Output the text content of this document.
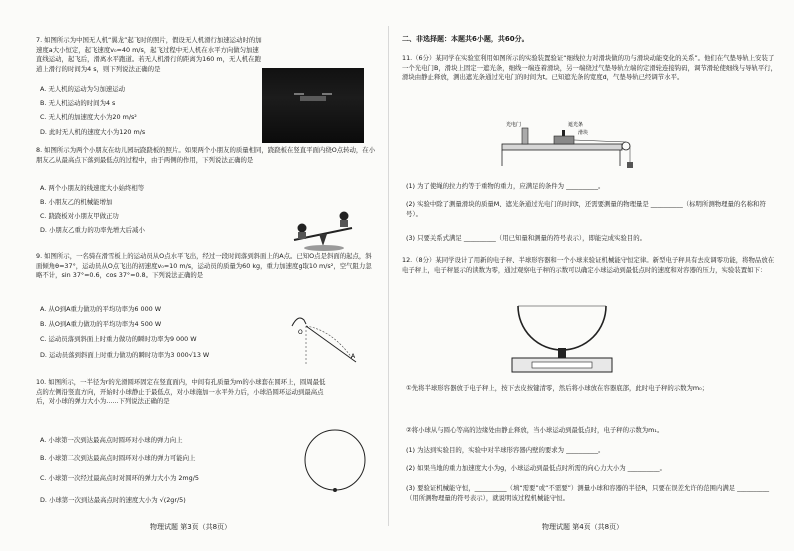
7. 如图所示为中国无人机“翼龙”起飞时的照片，假设无人机滑行加速运动时的加速度a大小恒定，起飞速度v₀=40 m/s，起飞过程中无人机在水平方向做匀加速直线运动，起飞后，滑离水平跑道。若无人机滑行的距离为160 m，无人机在跑道上滑行的时间为4 s，则下列说法正确的是

A. 无人机的运动为匀加速运动
B. 无人机运动的时间为4 s
C. 无人机的加速度大小为20 m/s²
D. 此时无人机的速度大小为120 m/s

8. 如图所示为两个小朋友在幼儿园玩跷跷板的照片。如果两个小朋友的质量相同，跷跷板在竖直平面内绕O点转动，在小朋友乙从最高点下落到最低点的过程中，由于两侧的作用，下列说法正确的是

A. 两个小朋友的线速度大小始终相等
B. 小朋友乙的机械能增加
C. 跷跷板对小朋友甲做正功
D. 小朋友乙重力的功率先增大后减小

9. 如图所示，一名骑在滑雪板上的运动员从O点水平飞出，经过一段时间落到斜面上的A点。已知O点是斜面的起点，斜面倾角θ=37°，运动员从O点飞出的初速度v₀=10 m/s，运动员的质量为60 kg，重力加速度g取10 m/s²，空气阻力忽略不计，sin 37°=0.6，cos 37°=0.8。下列说法正确的是

A. 从O到A重力做功的平均功率为6 000 W
B. 从O到A重力做功的平均功率为4 500 W
C. 运动员落到斜面上时重力做功的瞬时功率为9 000 W
D. 运动员落到斜面上时重力做功的瞬时功率为3 000√13 W
O
A

10. 如图所示，一半径为r的光滑圆环固定在竖直面内，中间有孔质量为m的小球套在圆环上，圆周最低点的左侧沿竖直方向，开始时小球静止于最低点，对小球施加一水平外力后，小球沿圆环运动到最高点后，对小球的弹力大小为......下列说法正确的是

A. 小球第一次到达最高点时圆环对小球的弹力向上
B. 小球第二次到达最高点时圆环对小球的弹力可能向上
C. 小球第一次经过最高点时对圆环的弹力大小为 2mg/5
D. 小球第一次到达最高点时的速度大小为 √(2gr/5)
物理试题 第3页（共8页）
二、非选择题：本题共6小题，共60分。

11.（6分）某同学在实验室利用如图所示的实验装置验证“细线拉力对滑块做的功与滑块动能变化的关系”。他们在气垫导轨上安装了一个光电门B，滑块上固定一遮光条，细线一端连着滑块，另一端绕过气垫导轨左端的定滑轮连接钩码，调节滑轮使细线与导轨平行，滑块由静止释放，测出遮光条通过光电门的时间为t。已知遮光条的宽度d，气垫导轨已经调节水平。

光电门	遮光条
滑块
(1) 为了使绳的拉力约等于重物的重力，应满足的条件为 __________。
(2) 实验中除了测量滑块的质量M、遮光条通过光电门的时间t，还需要测量的物理量是 __________（标明所测物理量的名称和符号）。
(3) 只要关系式满足 __________（用已知量和测量的符号表示），即能完成实验目的。

12.（8分）某同学设计了用新的电子秤、半球形容器和一个小球来验证机械能守恒定律。新型电子秤具有去皮调零功能，将物品放在电子秤上，电子秤显示的读数为零，通过观察电子秤的示数可以确定小球运动到最低点时的速度和对容器的压力，实验装置如下：

①先将半球形容器放于电子秤上，按下去皮按键清零，然后将小球放在容器底部，此时电子秤的示数为m₀；
②将小球从与圆心等高的边缘处由静止释放，当小球运动到最低点时，电子秤的示数为m₁。
(1) 为达到实验目的，实验中对半球形容器内壁的要求为 __________。
(2) 如果当地的重力加速度大小为g，小球运动到最低点时所需的向心力大小为 __________。
(3) 要验证机械能守恒，__________（填“需要”或“不需要”）测量小球和容器的半径R，只要在误差允许的范围内满足 __________（用所测物理量的符号表示），就说明该过程机械能守恒。
物理试题 第4页（共8页）
